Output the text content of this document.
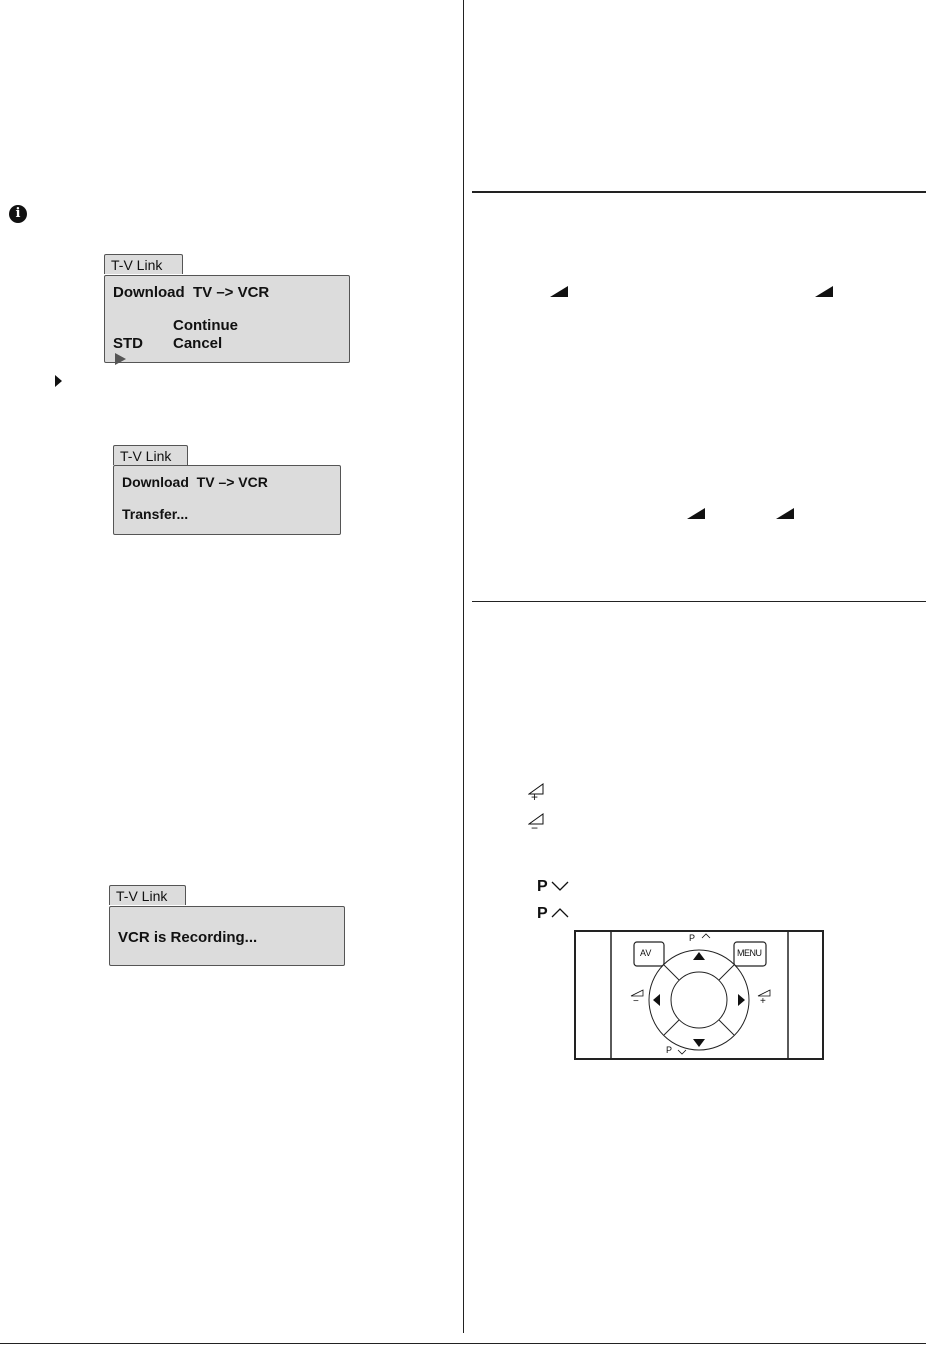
i
T-V Link
Download  TV –> VCR

Continue
STD Cancel
T-V Link
Download  TV –> VCR
Transfer...
T-V Link
VCR is Recording...
+
−
P
P
AV	MENU
P
P
−	+
